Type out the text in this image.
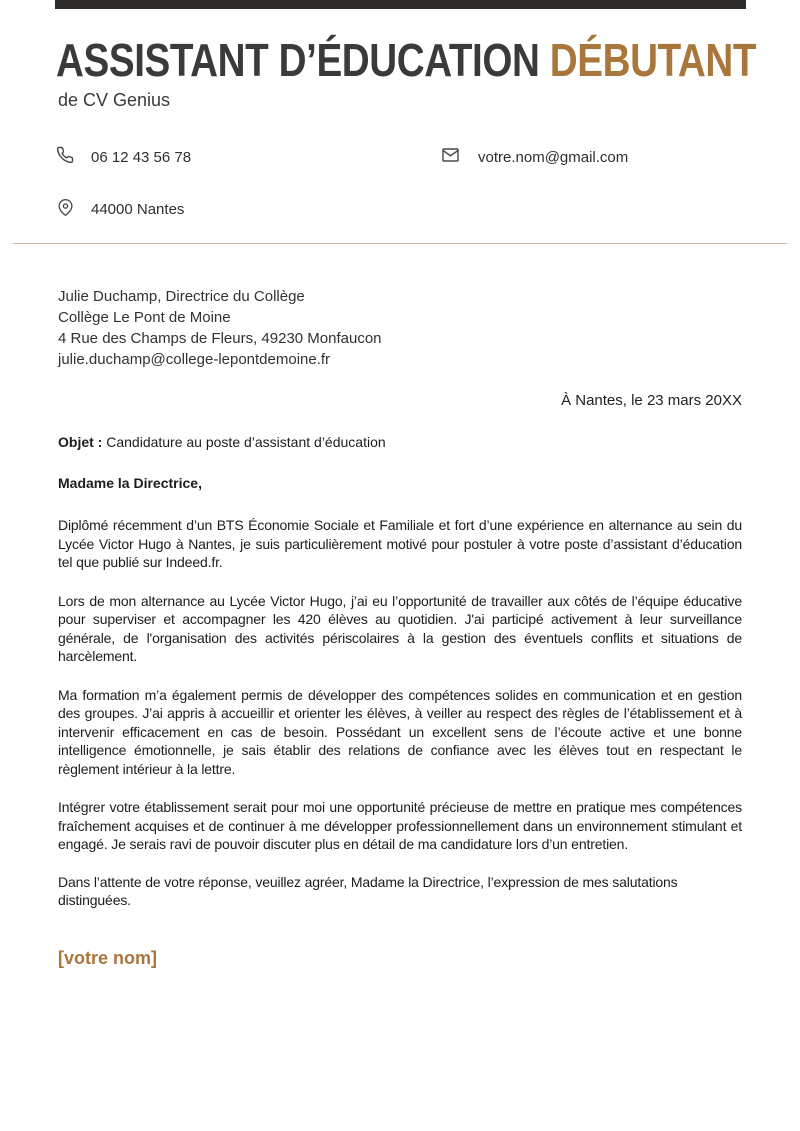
ASSISTANT D’ÉDUCATION DÉBUTANT
de CV Genius
06 12 43 56 78	votre.nom@gmail.com
44000 Nantes
Julie Duchamp, Directrice du Collège
Collège Le Pont de Moine
4 Rue des Champs de Fleurs, 49230 Monfaucon
julie.duchamp@college-lepontdemoine.fr
À Nantes, le 23 mars 20XX
Objet : Candidature au poste d’assistant d’éducation
Madame la Directrice,

Diplômé récemment d’un BTS Économie Sociale et Familiale et fort d’une expérience en alternance au sein du Lycée Victor Hugo à Nantes, je suis particulièrement motivé pour postuler à votre poste d’assistant d’éducation tel que publié sur Indeed.fr.

Lors de mon alternance au Lycée Victor Hugo, j’ai eu l’opportunité de travailler aux côtés de l’équipe éducative pour superviser et accompagner les 420 élèves au quotidien. J'ai participé activement à leur surveillance générale, de l'organisation des activités périscolaires à la gestion des éventuels conflits et situations de harcèlement.

Ma formation m’a également permis de développer des compétences solides en communication et en gestion des groupes. J’ai appris à accueillir et orienter les élèves, à veiller au respect des règles de l’établissement et à intervenir efficacement en cas de besoin. Possédant un excellent sens de l’écoute active et une bonne intelligence émotionnelle, je sais établir des relations de confiance avec les élèves tout en respectant le règlement intérieur à la lettre.

Intégrer votre établissement serait pour moi une opportunité précieuse de mettre en pratique mes compétences fraîchement acquises et de continuer à me développer professionnellement dans un environnement stimulant et engagé. Je serais ravi de pouvoir discuter plus en détail de ma candidature lors d’un entretien.

Dans l’attente de votre réponse, veuillez agréer, Madame la Directrice, l’expression de mes salutations distinguées.

[votre nom]
